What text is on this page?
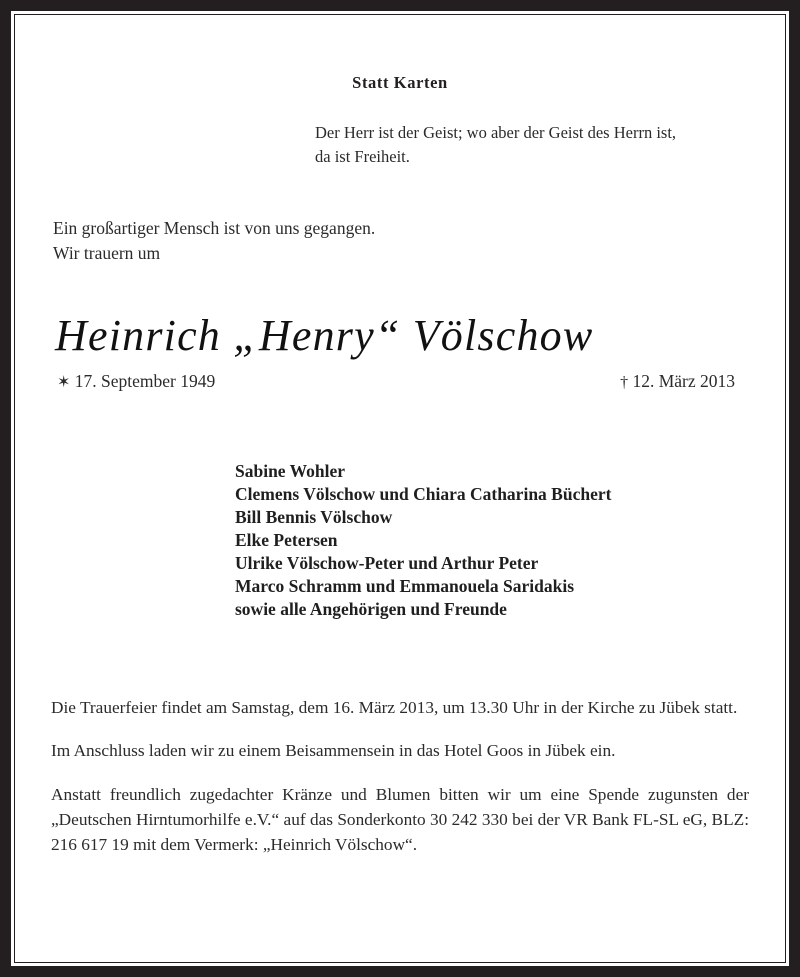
Statt Karten
Der Herr ist der Geist; wo aber der Geist des Herrn ist,
da ist Freiheit.
Ein großartiger Mensch ist von uns gegangen.
Wir trauern um
Heinrich „Henry“ Völschow
✶ 17. September 1949	† 12. März 2013
Sabine Wohler
Clemens Völschow und Chiara Catharina Büchert
Bill Bennis Völschow
Elke Petersen
Ulrike Völschow-Peter und Arthur Peter
Marco Schramm und Emmanouela Saridakis
sowie alle Angehörigen und Freunde

Die Trauerfeier findet am Samstag, dem 16. März 2013, um 13.30 Uhr in der Kirche zu Jübek statt.

Im Anschluss laden wir zu einem Beisammensein in das Hotel Goos in Jübek ein.

Anstatt freundlich zugedachter Kränze und Blumen bitten wir um eine Spende zugunsten der „Deutschen Hirntumorhilfe e.V.“ auf das Sonderkonto 30 242 330 bei der VR Bank FL-SL eG, BLZ: 216 617 19 mit dem Vermerk: „Heinrich Völschow“.
